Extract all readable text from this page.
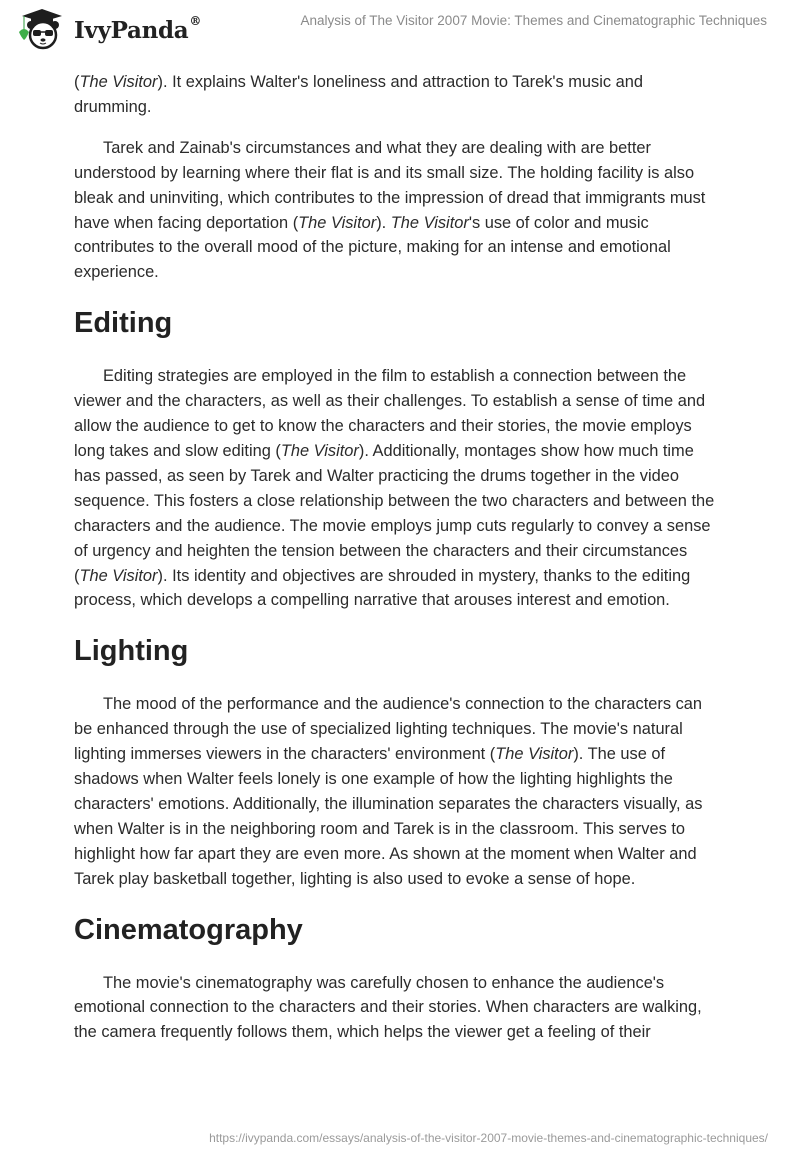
IvyPanda®	Analysis of The Visitor 2007 Movie: Themes and Cinematographic Techniques

(The Visitor). It explains Walter's loneliness and attraction to Tarek's music and drumming.

Tarek and Zainab's circumstances and what they are dealing with are better understood by learning where their flat is and its small size. The holding facility is also bleak and uninviting, which contributes to the impression of dread that immigrants must have when facing deportation (The Visitor). The Visitor's use of color and music contributes to the overall mood of the picture, making for an intense and emotional experience.

Editing

Editing strategies are employed in the film to establish a connection between the viewer and the characters, as well as their challenges. To establish a sense of time and allow the audience to get to know the characters and their stories, the movie employs long takes and slow editing (The Visitor). Additionally, montages show how much time has passed, as seen by Tarek and Walter practicing the drums together in the video sequence. This fosters a close relationship between the two characters and between the characters and the audience. The movie employs jump cuts regularly to convey a sense of urgency and heighten the tension between the characters and their circumstances (The Visitor). Its identity and objectives are shrouded in mystery, thanks to the editing process, which develops a compelling narrative that arouses interest and emotion.

Lighting

The mood of the performance and the audience's connection to the characters can be enhanced through the use of specialized lighting techniques. The movie's natural lighting immerses viewers in the characters' environment (The Visitor). The use of shadows when Walter feels lonely is one example of how the lighting highlights the characters' emotions. Additionally, the illumination separates the characters visually, as when Walter is in the neighboring room and Tarek is in the classroom. This serves to highlight how far apart they are even more. As shown at the moment when Walter and Tarek play basketball together, lighting is also used to evoke a sense of hope.

Cinematography

The movie's cinematography was carefully chosen to enhance the audience's emotional connection to the characters and their stories. When characters are walking, the camera frequently follows them, which helps the viewer get a feeling of their

https://ivypanda.com/essays/analysis-of-the-visitor-2007-movie-themes-and-cinematographic-techniques/
